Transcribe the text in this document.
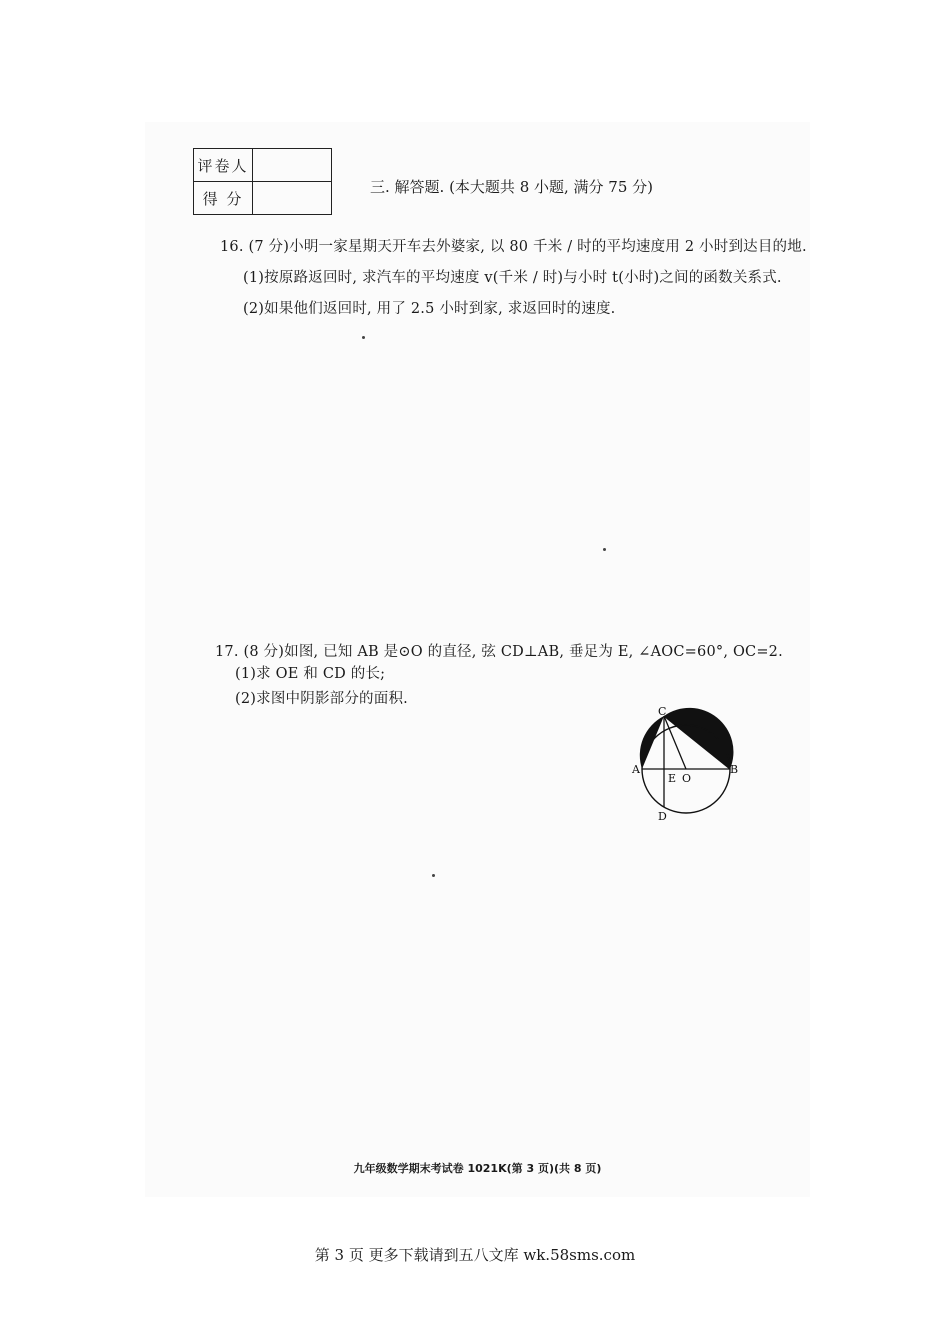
评卷人	
得 分	
三. 解答题. (本大题共 8 小题, 满分 75 分)
16. (7 分)小明一家星期天开车去外婆家, 以 80 千米 / 时的平均速度用 2 小时到达目的地.
(1)按原路返回时, 求汽车的平均速度 v(千米 / 时)与小时 t(小时)之间的函数关系式.
(2)如果他们返回时, 用了 2.5 小时到家, 求返回时的速度.
17. (8 分)如图, 已知 AB 是⊙O 的直径, 弦 CD⊥AB, 垂足为 E, ∠AOC=60°, OC=2.
(1)求 OE 和 CD 的长;
(2)求图中阴影部分的面积.
C
A
E O
B
D
九年级数学期末考试卷 1021K(第 3 页)(共 8 页)
第 3 页 更多下载请到五八文库 wk.58sms.com
